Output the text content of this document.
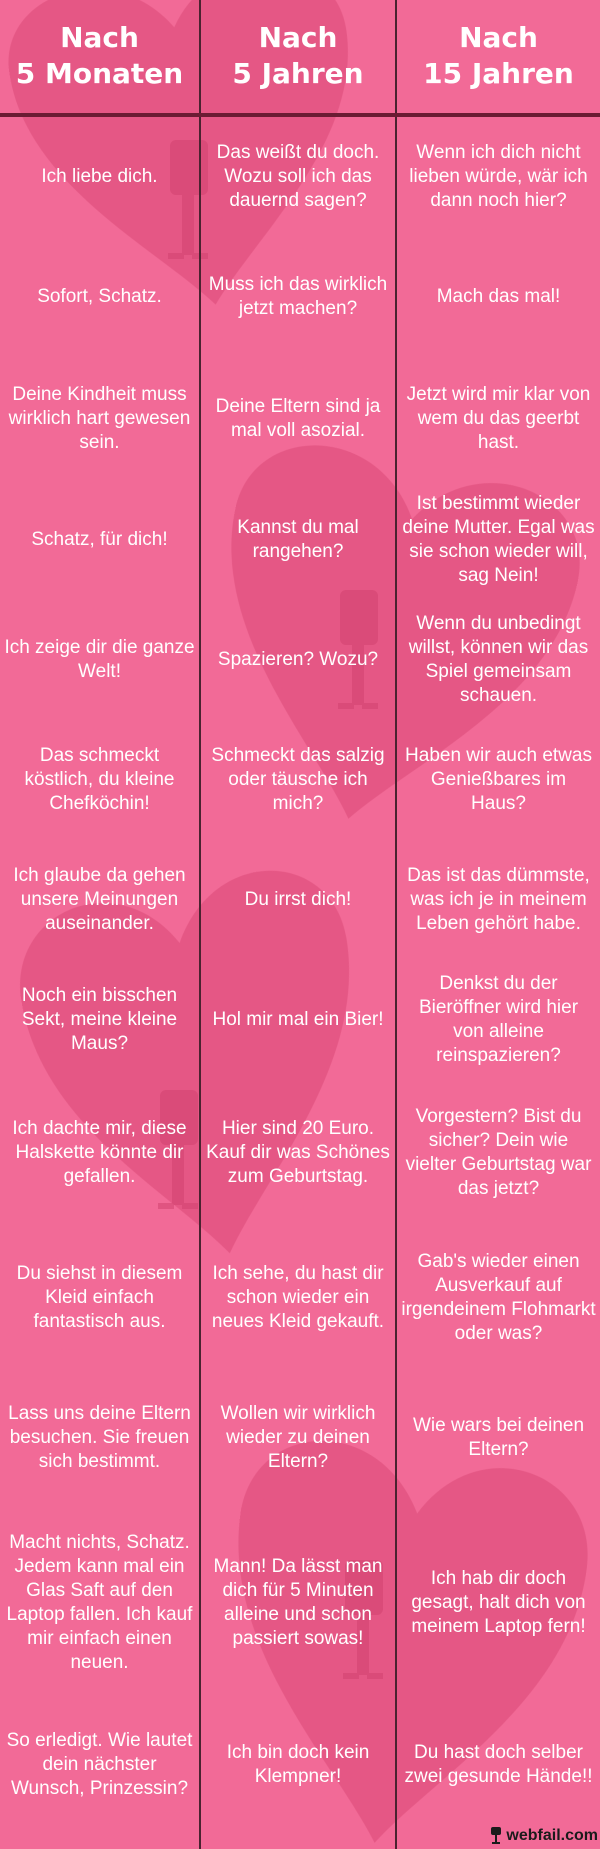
Nach
5 Monaten
Nach
5 Jahren
Nach
15 Jahren
Ich liebe dich.
Das weißt du doch. Wozu soll ich das dauernd sagen?
Wenn ich dich nicht lieben würde, wär ich dann noch hier?
Sofort, Schatz.
Muss ich das wirklich jetzt machen?
Mach das mal!
Deine Kindheit muss wirklich hart gewesen sein.
Deine Eltern sind ja mal voll asozial.
Jetzt wird mir klar von wem du das geerbt hast.
Schatz, für dich!
Kannst du mal rangehen?
Ist bestimmt wieder deine Mutter. Egal was sie schon wieder will, sag Nein!
Ich zeige dir die ganze Welt!
Spazieren? Wozu?
Wenn du unbedingt willst, können wir das Spiel gemeinsam schauen.
Das schmeckt köstlich, du kleine Chefköchin!
Schmeckt das salzig oder täusche ich mich?
Haben wir auch etwas Genießbares im Haus?
Ich glaube da gehen unsere Meinungen auseinander.
Du irrst dich!
Das ist das dümmste, was ich je in meinem Leben gehört habe.
Noch ein bisschen Sekt, meine kleine Maus?
Hol mir mal ein Bier!
Denkst du der Bieröffner wird hier von alleine reinspazieren?
Ich dachte mir, diese Halskette könnte dir gefallen.
Hier sind 20 Euro. Kauf dir was Schönes zum Geburtstag.
Vorgestern? Bist du sicher? Dein wie vielter Geburtstag war das jetzt?
Du siehst in diesem Kleid einfach fantastisch aus.
Ich sehe, du hast dir schon wieder ein neues Kleid gekauft.
Gab's wieder einen Ausverkauf auf irgendeinem Flohmarkt oder was?
Lass uns deine Eltern besuchen. Sie freuen sich bestimmt.
Wollen wir wirklich wieder zu deinen Eltern?
Wie wars bei deinen Eltern?
Macht nichts, Schatz. Jedem kann mal ein Glas Saft auf den Laptop fallen. Ich kauf mir einfach einen neuen.
Mann! Da lässt man dich für 5 Minuten alleine und schon passiert sowas!
Ich hab dir doch gesagt, halt dich von meinem Laptop fern!
So erledigt. Wie lautet dein nächster Wunsch, Prinzessin?
Ich bin doch kein Klempner!
Du hast doch selber zwei gesunde Hände!!
webfail.com
